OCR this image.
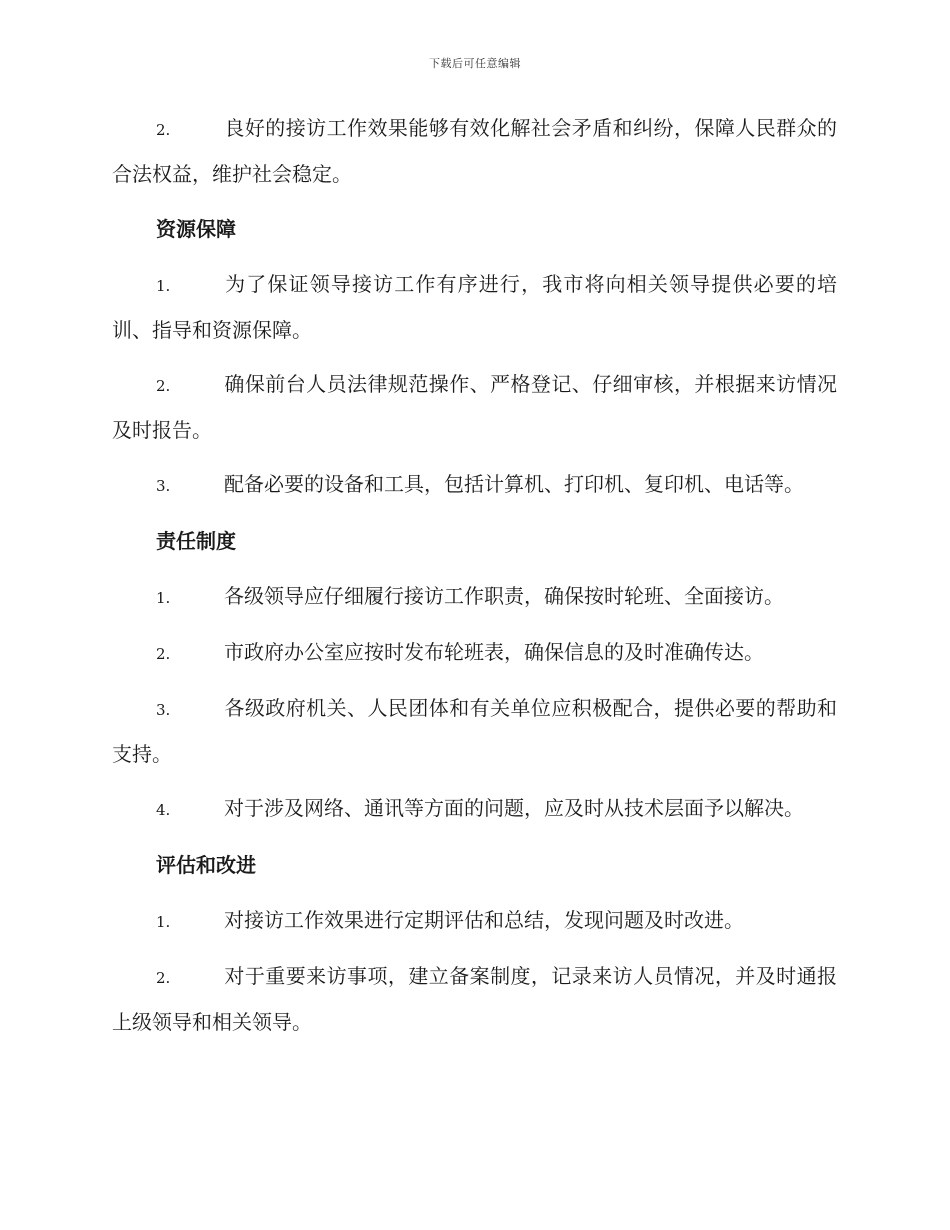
下载后可任意编辑

2.	良好的接访工作效果能够有效化解社会矛盾和纠纷，保障人民群众的合法权益，维护社会稳定。

资源保障

1.	为了保证领导接访工作有序进行，我市将向相关领导提供必要的培训、指导和资源保障。

2.	确保前台人员法律规范操作、严格登记、仔细审核，并根据来访情况及时报告。

3.	配备必要的设备和工具，包括计算机、打印机、复印机、电话等。

责任制度

1.	各级领导应仔细履行接访工作职责，确保按时轮班、全面接访。

2.	市政府办公室应按时发布轮班表，确保信息的及时准确传达。

3.	各级政府机关、人民团体和有关单位应积极配合，提供必要的帮助和支持。

4.	对于涉及网络、通讯等方面的问题，应及时从技术层面予以解决。

评估和改进

1.	对接访工作效果进行定期评估和总结，发现问题及时改进。

2.	对于重要来访事项，建立备案制度，记录来访人员情况，并及时通报上级领导和相关领导。
